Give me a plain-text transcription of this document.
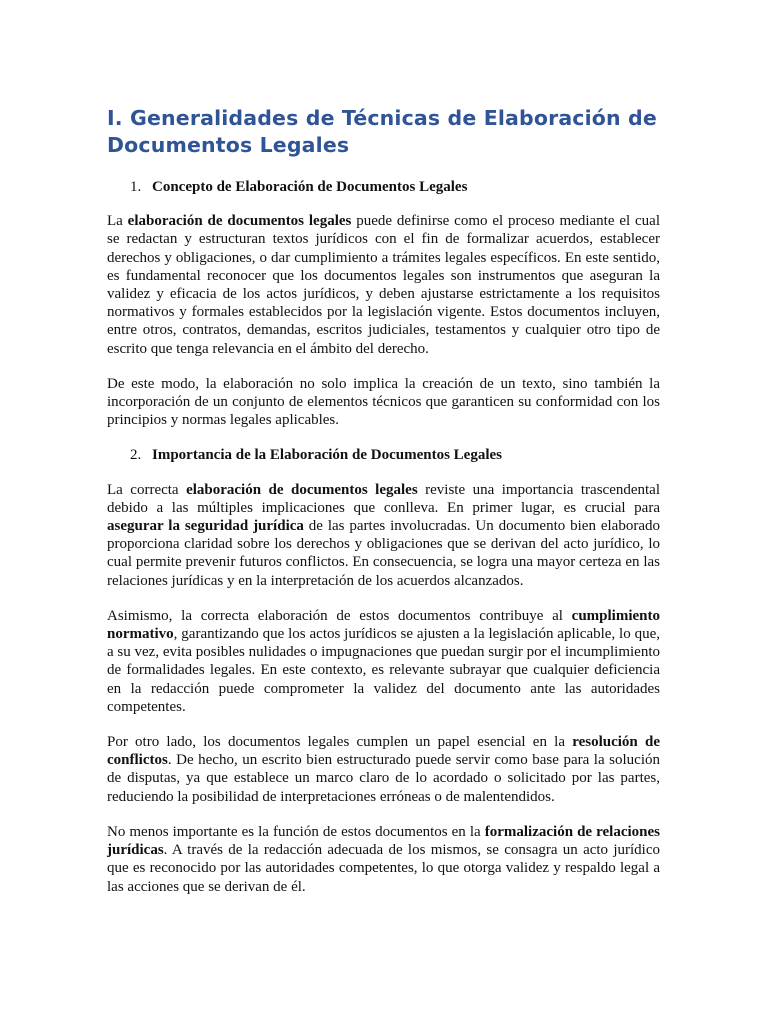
I. Generalidades de Técnicas de Elaboración de Documentos Legales
1. Concepto de Elaboración de Documentos Legales

La elaboración de documentos legales puede definirse como el proceso mediante el cual se redactan y estructuran textos jurídicos con el fin de formalizar acuerdos, establecer derechos y obligaciones, o dar cumplimiento a trámites legales específicos. En este sentido, es fundamental reconocer que los documentos legales son instrumentos que aseguran la validez y eficacia de los actos jurídicos, y deben ajustarse estrictamente a los requisitos normativos y formales establecidos por la legislación vigente. Estos documentos incluyen, entre otros, contratos, demandas, escritos judiciales, testamentos y cualquier otro tipo de escrito que tenga relevancia en el ámbito del derecho.

De este modo, la elaboración no solo implica la creación de un texto, sino también la incorporación de un conjunto de elementos técnicos que garanticen su conformidad con los principios y normas legales aplicables.

2. Importancia de la Elaboración de Documentos Legales

La correcta elaboración de documentos legales reviste una importancia trascendental debido a las múltiples implicaciones que conlleva. En primer lugar, es crucial para asegurar la seguridad jurídica de las partes involucradas. Un documento bien elaborado proporciona claridad sobre los derechos y obligaciones que se derivan del acto jurídico, lo cual permite prevenir futuros conflictos. En consecuencia, se logra una mayor certeza en las relaciones jurídicas y en la interpretación de los acuerdos alcanzados.

Asimismo, la correcta elaboración de estos documentos contribuye al cumplimiento normativo, garantizando que los actos jurídicos se ajusten a la legislación aplicable, lo que, a su vez, evita posibles nulidades o impugnaciones que puedan surgir por el incumplimiento de formalidades legales. En este contexto, es relevante subrayar que cualquier deficiencia en la redacción puede comprometer la validez del documento ante las autoridades competentes.

Por otro lado, los documentos legales cumplen un papel esencial en la resolución de conflictos. De hecho, un escrito bien estructurado puede servir como base para la solución de disputas, ya que establece un marco claro de lo acordado o solicitado por las partes, reduciendo la posibilidad de interpretaciones erróneas o de malentendidos.

No menos importante es la función de estos documentos en la formalización de relaciones jurídicas. A través de la redacción adecuada de los mismos, se consagra un acto jurídico que es reconocido por las autoridades competentes, lo que otorga validez y respaldo legal a las acciones que se derivan de él.
